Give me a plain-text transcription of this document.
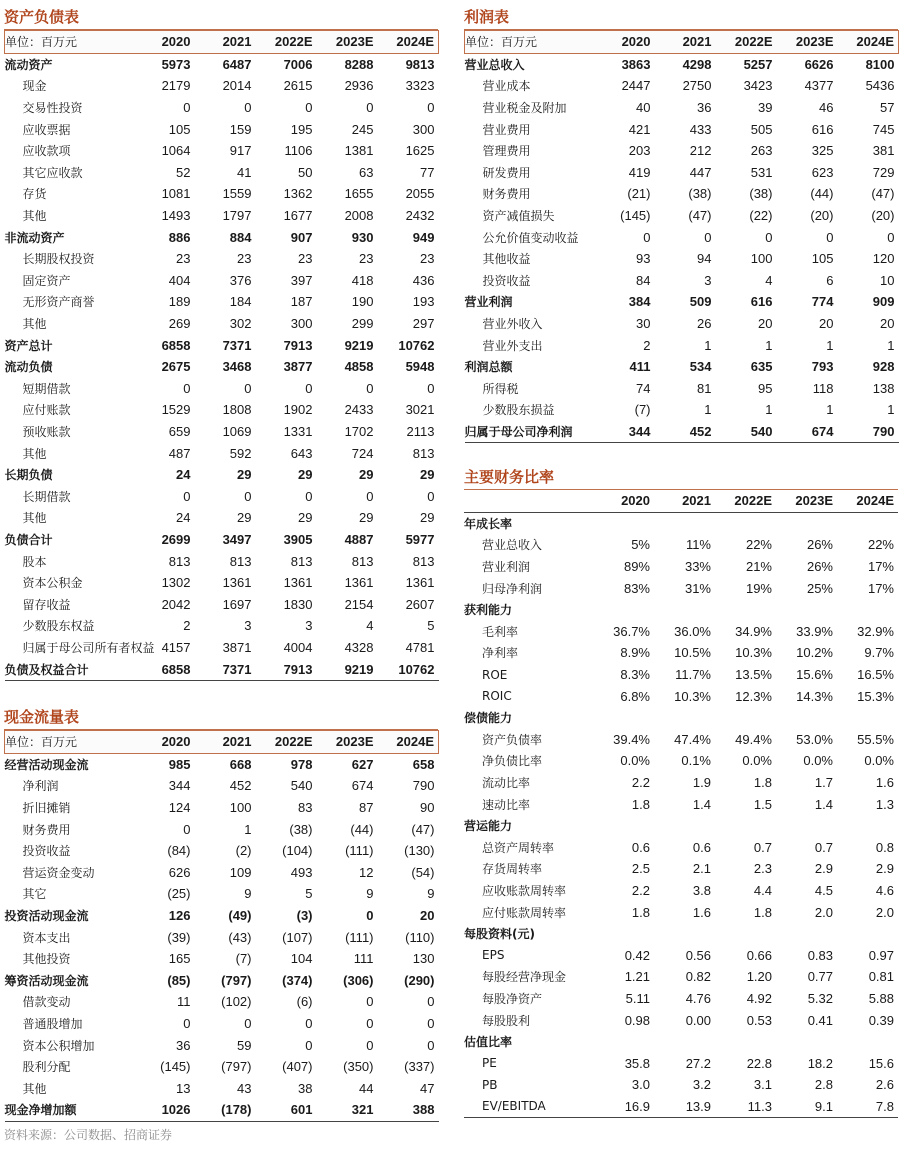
资产负债表
单位：百万元	2020	2021	2022E	2023E	2024E
流动资产	5973	6487	7006	8288	9813
现金	2179	2014	2615	2936	3323
交易性投资	0	0	0	0	0
应收票据	105	159	195	245	300
应收款项	1064	917	1106	1381	1625
其它应收款	52	41	50	63	77
存货	1081	1559	1362	1655	2055
其他	1493	1797	1677	2008	2432
非流动资产	886	884	907	930	949
长期股权投资	23	23	23	23	23
固定资产	404	376	397	418	436
无形资产商誉	189	184	187	190	193
其他	269	302	300	299	297
资产总计	6858	7371	7913	9219	10762
流动负债	2675	3468	3877	4858	5948
短期借款	0	0	0	0	0
应付账款	1529	1808	1902	2433	3021
预收账款	659	1069	1331	1702	2113
其他	487	592	643	724	813
长期负债	24	29	29	29	29
长期借款	0	0	0	0	0
其他	24	29	29	29	29
负债合计	2699	3497	3905	4887	5977
股本	813	813	813	813	813
资本公积金	1302	1361	1361	1361	1361
留存收益	2042	1697	1830	2154	2607
少数股东权益	2	3	3	4	5
归属于母公司所有者权益	4157	3871	4004	4328	4781
负债及权益合计	6858	7371	7913	9219	10762
现金流量表
单位：百万元	2020	2021	2022E	2023E	2024E
经营活动现金流	985	668	978	627	658
净利润	344	452	540	674	790
折旧摊销	124	100	83	87	90
财务费用	0	1	(38)	(44)	(47)
投资收益	(84)	(2)	(104)	(111)	(130)
营运资金变动	626	109	493	12	(54)
其它	(25)	9	5	9	9
投资活动现金流	126	(49)	(3)	0	20
资本支出	(39)	(43)	(107)	(111)	(110)
其他投资	165	(7)	104	111	130
筹资活动现金流	(85)	(797)	(374)	(306)	(290)
借款变动	11	(102)	(6)	0	0
普通股增加	0	0	0	0	0
资本公积增加	36	59	0	0	0
股利分配	(145)	(797)	(407)	(350)	(337)
其他	13	43	38	44	47
现金净增加额	1026	(178)	601	321	388
利润表
单位：百万元	2020	2021	2022E	2023E	2024E
营业总收入	3863	4298	5257	6626	8100
营业成本	2447	2750	3423	4377	5436
营业税金及附加	40	36	39	46	57
营业费用	421	433	505	616	745
管理费用	203	212	263	325	381
研发费用	419	447	531	623	729
财务费用	(21)	(38)	(38)	(44)	(47)
资产减值损失	(145)	(47)	(22)	(20)	(20)
公允价值变动收益	0	0	0	0	0
其他收益	93	94	100	105	120
投资收益	84	3	4	6	10
营业利润	384	509	616	774	909
营业外收入	30	26	20	20	20
营业外支出	2	1	1	1	1
利润总额	411	534	635	793	928
所得税	74	81	95	118	138
少数股东损益	(7)	1	1	1	1
归属于母公司净利润	344	452	540	674	790
主要财务比率
	2020	2021	2022E	2023E	2024E
年成长率					
营业总收入	5%	11%	22%	26%	22%
营业利润	89%	33%	21%	26%	17%
归母净利润	83%	31%	19%	25%	17%
获利能力					
毛利率	36.7%	36.0%	34.9%	33.9%	32.9%
净利率	8.9%	10.5%	10.3%	10.2%	9.7%
ROE	8.3%	11.7%	13.5%	15.6%	16.5%
ROIC	6.8%	10.3%	12.3%	14.3%	15.3%
偿债能力					
资产负债率	39.4%	47.4%	49.4%	53.0%	55.5%
净负债比率	0.0%	0.1%	0.0%	0.0%	0.0%
流动比率	2.2	1.9	1.8	1.7	1.6
速动比率	1.8	1.4	1.5	1.4	1.3
营运能力					
总资产周转率	0.6	0.6	0.7	0.7	0.8
存货周转率	2.5	2.1	2.3	2.9	2.9
应收账款周转率	2.2	3.8	4.4	4.5	4.6
应付账款周转率	1.8	1.6	1.8	2.0	2.0
每股资料(元)					
EPS	0.42	0.56	0.66	0.83	0.97
每股经营净现金	1.21	0.82	1.20	0.77	0.81
每股净资产	5.11	4.76	4.92	5.32	5.88
每股股利	0.98	0.00	0.53	0.41	0.39
估值比率					
PE	35.8	27.2	22.8	18.2	15.6
PB	3.0	3.2	3.1	2.8	2.6
EV/EBITDA	16.9	13.9	11.3	9.1	7.8
资料来源：公司数据、招商证券
